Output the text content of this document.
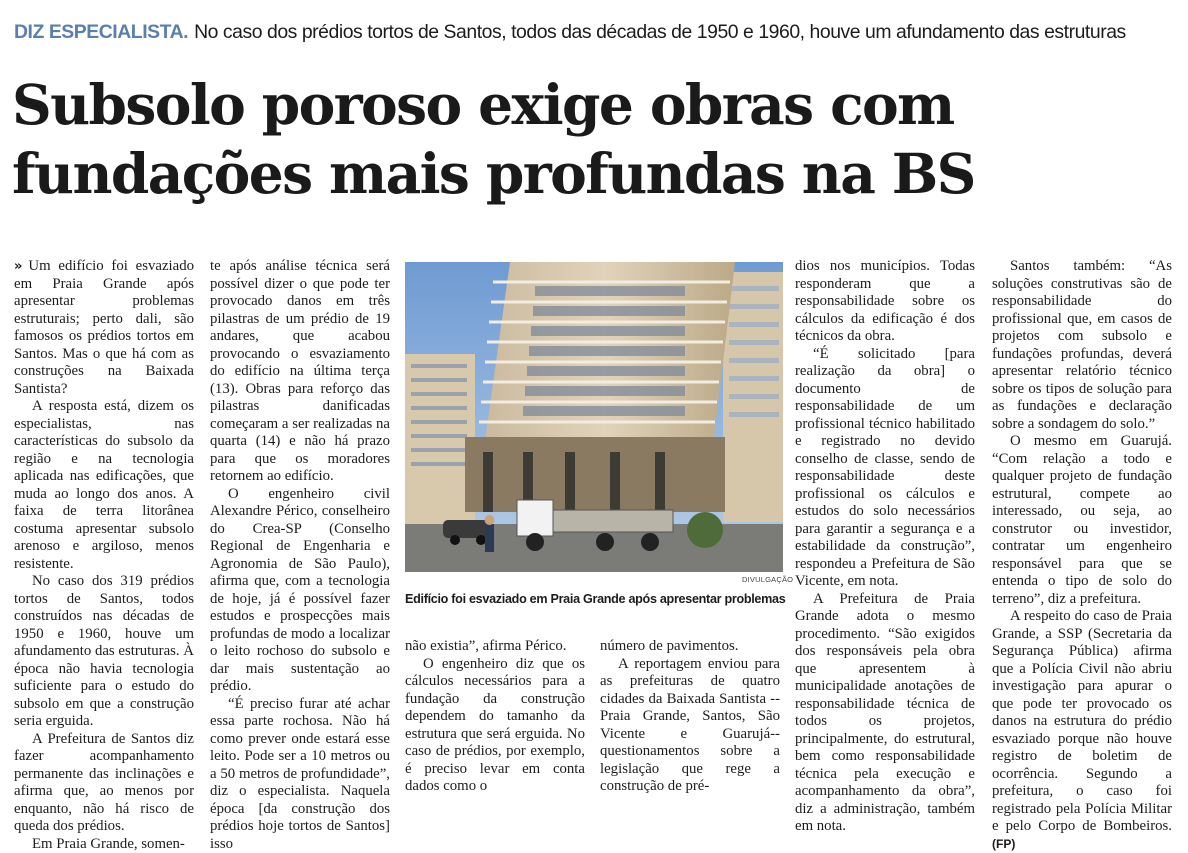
DIZ ESPECIALISTA. No caso dos prédios tortos de Santos, todos das décadas de 1950 e 1960, houve um afundamento das estruturas
Subsolo poroso exige obras com
fundações mais profundas na BS

» Um edifício foi esvaziado em Praia Grande após apresentar problemas estruturais; perto dali, são famosos os prédios tortos em Santos. Mas o que há com as construções na Baixada Santista?

A resposta está, dizem os especialistas, nas características do subsolo da região e na tecnologia aplicada nas edificações, que muda ao longo dos anos. A faixa de terra litorânea costuma apresentar subsolo arenoso e argiloso, menos resistente.

No caso dos 319 prédios tortos de Santos, todos construídos nas décadas de 1950 e 1960, houve um afundamento das estruturas. À época não havia tecnologia suficiente para o estudo do subsolo em que a construção seria erguida.

A Prefeitura de Santos diz fazer acompanhamento permanente das inclinações e afirma que, ao menos por enquanto, não há risco de queda dos prédios.

Em Praia Grande, somen-

te após análise técnica será possível dizer o que pode ter provocado danos em três pilastras de um prédio de 19 andares, que acabou provocando o esvaziamento do edifício na última terça (13). Obras para reforço das pilastras danificadas começaram a ser realizadas na quarta (14) e não há prazo para que os moradores retornem ao edifício.

O engenheiro civil Alexandre Périco, conselheiro do Crea-SP (Conselho Regional de Engenharia e Agronomia de São Paulo), afirma que, com a tecnologia de hoje, já é possível fazer estudos e prospecções mais profundas de modo a localizar o leito rochoso do subsolo e dar mais sustentação ao prédio.

“É preciso furar até achar essa parte rochosa. Não há como prever onde estará esse leito. Pode ser a 10 metros ou a 50 metros de profundidade”, diz o especialista. Naquela época [da construção dos prédios hoje tortos de Santos] isso

DIVULGAÇÃO
Edifício foi esvaziado em Praia Grande após apresentar problemas

não existia”, afirma Périco.

O engenheiro diz que os cálculos necessários para a fundação da construção dependem do tamanho da estrutura que será erguida. No caso de prédios, por exemplo, é preciso levar em conta dados como o

número de pavimentos.

A reportagem enviou para as prefeituras de quatro cidades da Baixada Santista --Praia Grande, Santos, São Vicente e Guarujá-- questionamentos sobre a legislação que rege a construção de pré-

dios nos municípios. Todas responderam que a responsabilidade sobre os cálculos da edificação é dos técnicos da obra.

“É solicitado [para realização da obra] o documento de responsabilidade de um profissional técnico habilitado e registrado no devido conselho de classe, sendo de responsabilidade deste profissional os cálculos e estudos do solo necessários para garantir a segurança e a estabilidade da construção”, respondeu a Prefeitura de São Vicente, em nota.

A Prefeitura de Praia Grande adota o mesmo procedimento. “São exigidos dos responsáveis pela obra que apresentem à municipalidade anotações de responsabilidade técnica de todos os projetos, principalmente, do estrutural, bem como responsabilidade técnica pela execução e acompanhamento da obra”, diz a administração, também em nota.

Santos também: “As soluções construtivas são de responsabilidade do profissional que, em casos de projetos com subsolo e fundações profundas, deverá apresentar relatório técnico sobre os tipos de solução para as fundações e declaração sobre a sondagem do solo.”

O mesmo em Guarujá. “Com relação a todo e qualquer projeto de fundação estrutural, compete ao interessado, ou seja, ao construtor ou investidor, contratar um engenheiro responsável para que se entenda o tipo de solo do terreno”, diz a prefeitura.

A respeito do caso de Praia Grande, a SSP (Secretaria da Segurança Pública) afirma que a Polícia Civil não abriu investigação para apurar o que pode ter provocado os danos na estrutura do prédio esvaziado porque não houve registro de boletim de ocorrência. Segundo a prefeitura, o caso foi registrado pela Polícia Militar e pelo Corpo de Bombeiros. (FP)
